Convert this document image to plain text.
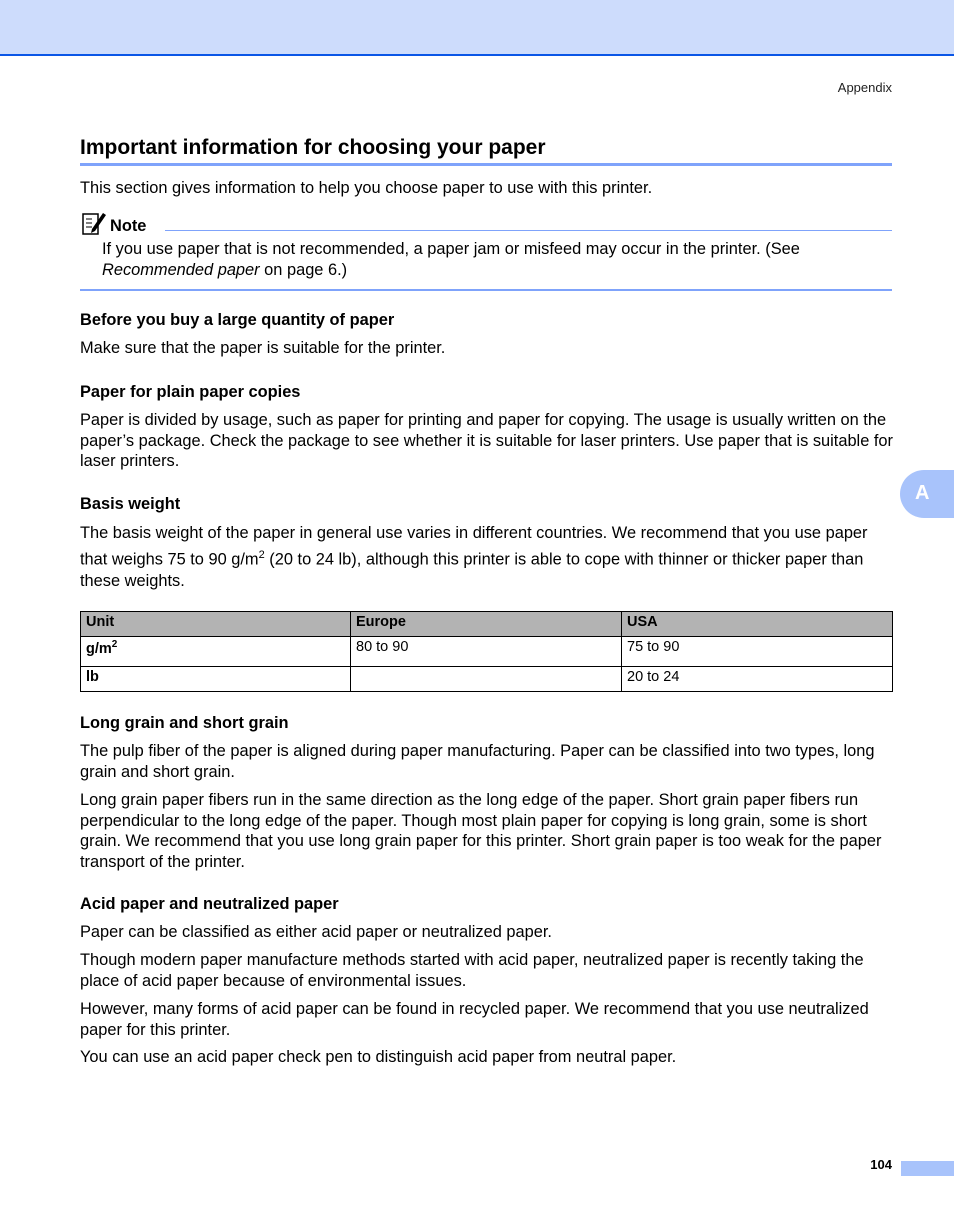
Appendix
Important information for choosing your paper
This section gives information to help you choose paper to use with this printer.
Note
If you use paper that is not recommended, a paper jam or misfeed may occur in the printer. (See Recommended paper on page 6.)
Before you buy a large quantity of paper
Make sure that the paper is suitable for the printer.
Paper for plain paper copies
Paper is divided by usage, such as paper for printing and paper for copying. The usage is usually written on the paper’s package. Check the package to see whether it is suitable for laser printers. Use paper that is suitable for laser printers.
Basis weight
The basis weight of the paper in general use varies in different countries. We recommend that you use paper that weighs 75 to 90 $g/m^2$ (20 to 24 lb), although this printer is able to cope with thinner or thicker paper than these weights.
Unit	Europe	USA
$g/m^2$	80 to 90	75 to 90
lb		20 to 24
Long grain and short grain
The pulp fiber of the paper is aligned during paper manufacturing. Paper can be classified into two types, long grain and short grain.
Long grain paper fibers run in the same direction as the long edge of the paper. Short grain paper fibers run perpendicular to the long edge of the paper. Though most plain paper for copying is long grain, some is short grain. We recommend that you use long grain paper for this printer. Short grain paper is too weak for the paper transport of the printer.
Acid paper and neutralized paper
Paper can be classified as either acid paper or neutralized paper.
Though modern paper manufacture methods started with acid paper, neutralized paper is recently taking the place of acid paper because of environmental issues.
However, many forms of acid paper can be found in recycled paper. We recommend that you use neutralized paper for this printer.
You can use an acid paper check pen to distinguish acid paper from neutral paper.
A
104
